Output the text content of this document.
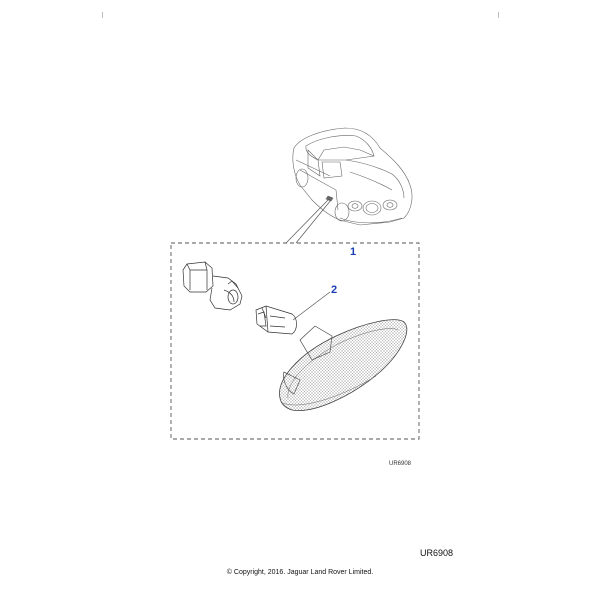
1
2
UR6908
UR6908
© Copyright, 2016. Jaguar Land Rover Limited.
